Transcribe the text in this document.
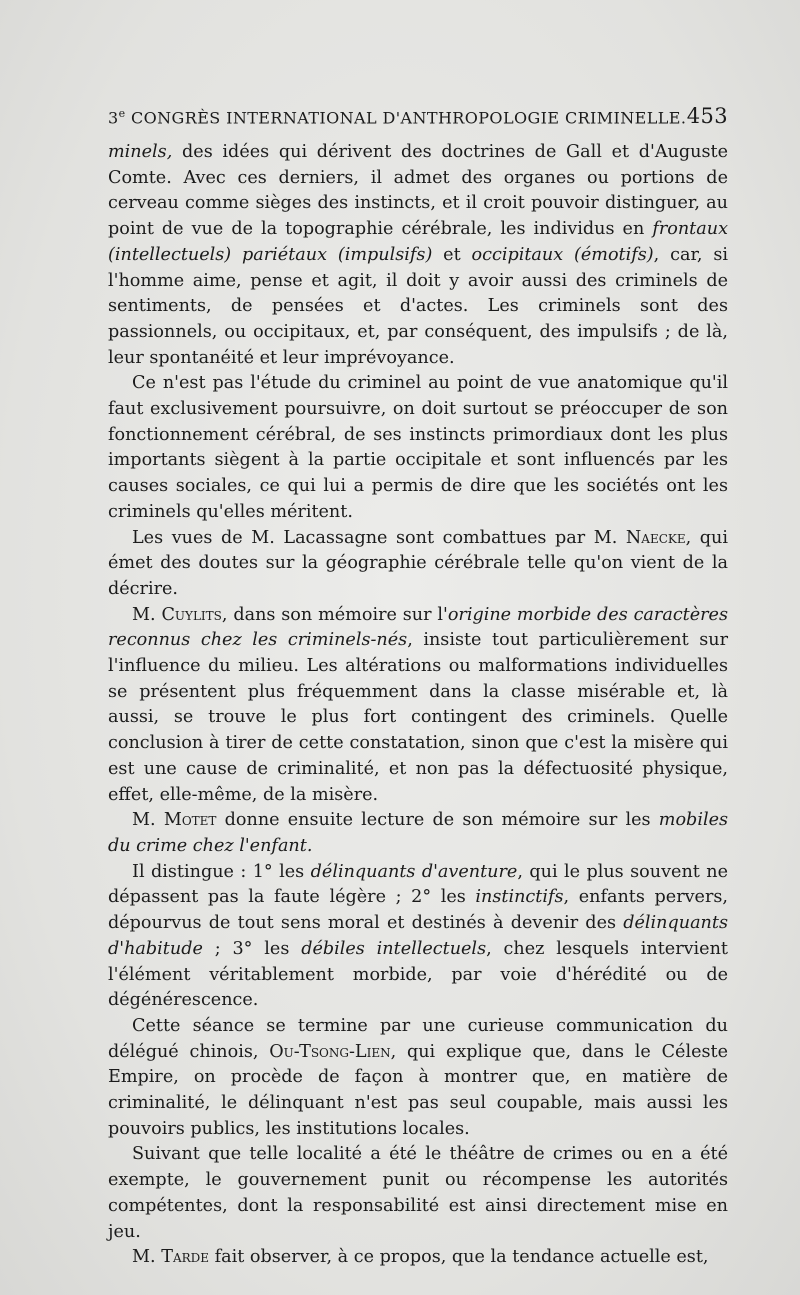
3e CONGRÈS INTERNATIONAL D'ANTHROPOLOGIE CRIMINELLE. 453

minels, des idées qui dérivent des doctrines de Gall et d'Auguste Comte. Avec ces derniers, il admet des organes ou portions de cerveau comme sièges des instincts, et il croit pouvoir distinguer, au point de vue de la topographie cérébrale, les individus en frontaux (intellectuels) pariétaux (impulsifs) et occipitaux (émotifs), car, si l'homme aime, pense et agit, il doit y avoir aussi des criminels de sentiments, de pensées et d'actes. Les criminels sont des passionnels, ou occipitaux, et, par conséquent, des impulsifs ; de là, leur spontanéité et leur imprévoyance.

Ce n'est pas l'étude du criminel au point de vue anatomique qu'il faut exclusivement poursuivre, on doit surtout se préoccuper de son fonctionnement cérébral, de ses instincts primordiaux dont les plus importants siègent à la partie occipitale et sont influencés par les causes sociales, ce qui lui a permis de dire que les sociétés ont les criminels qu'elles méritent.

Les vues de M. Lacassagne sont combattues par M. Naecke, qui émet des doutes sur la géographie cérébrale telle qu'on vient de la décrire.

M. Cuylits, dans son mémoire sur l'origine morbide des caractères reconnus chez les criminels-nés, insiste tout particulièrement sur l'influence du milieu. Les altérations ou malformations individuelles se présentent plus fréquemment dans la classe misérable et, là aussi, se trouve le plus fort contingent des criminels. Quelle conclusion à tirer de cette constatation, sinon que c'est la misère qui est une cause de criminalité, et non pas la défectuosité physique, effet, elle-même, de la misère.

M. Motet donne ensuite lecture de son mémoire sur les mobiles du crime chez l'enfant.

Il distingue : 1° les délinquants d'aventure, qui le plus souvent ne dépassent pas la faute légère ; 2° les instinctifs, enfants pervers, dépourvus de tout sens moral et destinés à devenir des délinquants d'habitude ; 3° les débiles intellectuels, chez lesquels intervient l'élément véritablement morbide, par voie d'hérédité ou de dégénérescence.

Cette séance se termine par une curieuse communication du délégué chinois, Ou-Tsong-Lien, qui explique que, dans le Céleste Empire, on procède de façon à montrer que, en matière de criminalité, le délinquant n'est pas seul coupable, mais aussi les pouvoirs publics, les institutions locales.

Suivant que telle localité a été le théâtre de crimes ou en a été exempte, le gouvernement punit ou récompense les autorités compétentes, dont la responsabilité est ainsi directement mise en jeu.

M. Tarde fait observer, à ce propos, que la tendance actuelle est,
